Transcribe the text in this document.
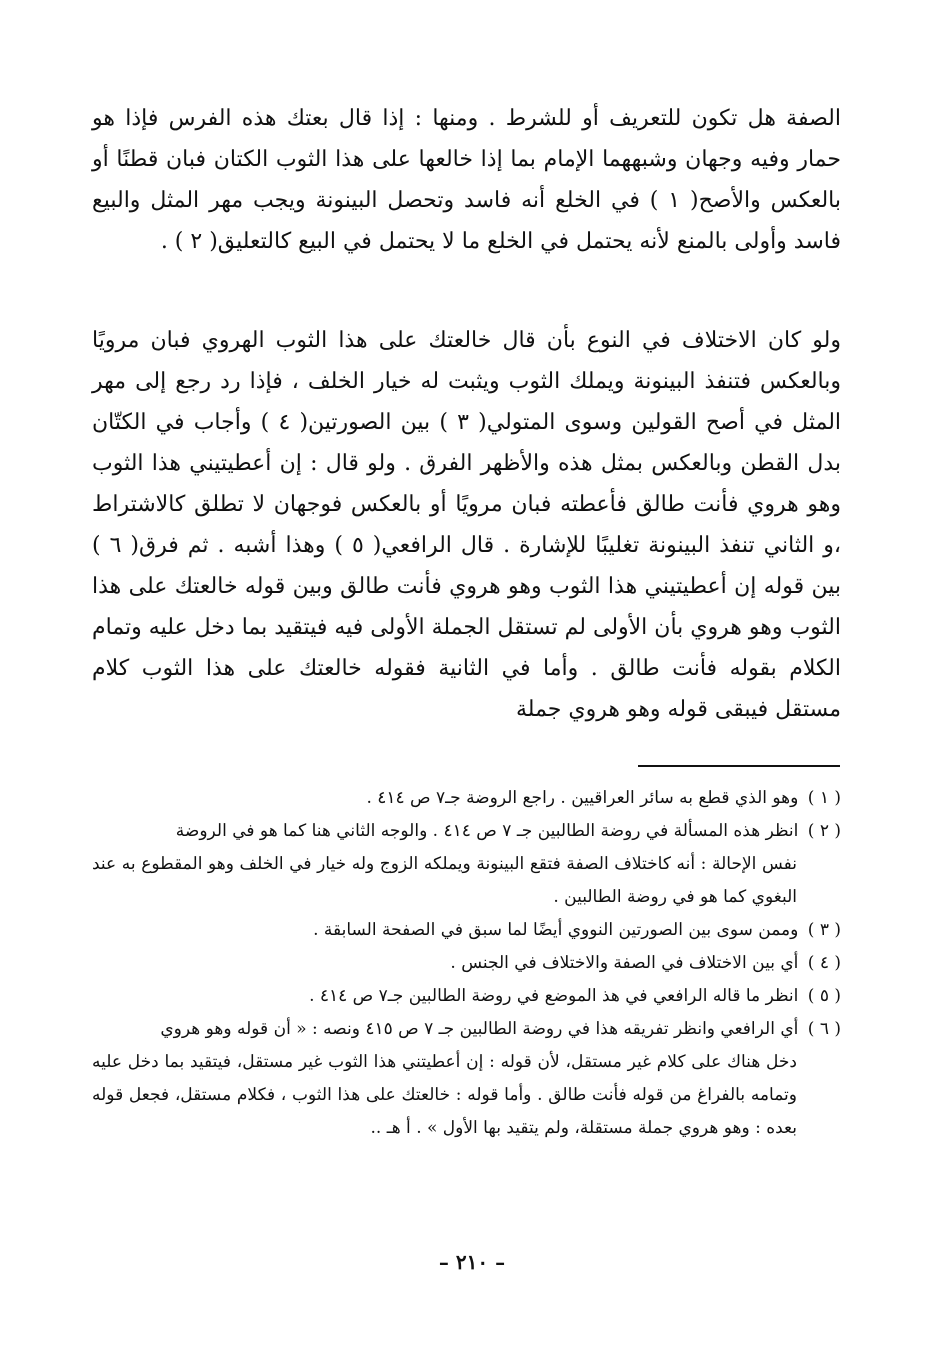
الصفة هل تكون للتعريف أو للشرط . ومنها : إذا قال بعتك هذه الفرس فإذا هو حمار وفيه وجهان وشبههما الإمام بما إذا خالعها على هذا الثوب الكتان فبان قطنًا أو بالعكس والأصح( ١ ) في الخلع أنه فاسد وتحصل البينونة ويجب مهر المثل والبيع فاسد وأولى بالمنع لأنه يحتمل في الخلع ما لا يحتمل في البيع كالتعليق( ٢ ) .

ولو كان الاختلاف في النوع بأن قال خالعتك على هذا الثوب الهروي فبان مرويًا وبالعكس فتنفذ البينونة ويملك الثوب ويثبت له خيار الخلف ، فإذا رد رجع إلى مهر المثل في أصح القولين وسوى المتولي( ٣ ) بين الصورتين( ٤ ) وأجاب في الكتّان بدل القطن وبالعكس بمثل هذه والأظهر الفرق . ولو قال : إن أعطيتيني هذا الثوب وهو هروي فأنت طالق فأعطته فبان مرويًا أو بالعكس فوجهان لا تطلق كالاشتراط ،و الثاني تنفذ البينونة تغليبًا للإشارة . قال الرافعي( ٥ ) وهذا أشبه . ثم فرق( ٦ ) بين قوله إن أعطيتيني هذا الثوب وهو هروي فأنت طالق وبين قوله خالعتك على هذا الثوب وهو هروي بأن الأولى لم تستقل الجملة الأولى فيه فيتقيد بما دخل عليه وتمام الكلام بقوله فأنت طالق . وأما في الثانية فقوله خالعتك على هذا الثوب كلام مستقل فيبقى قوله وهو هروي جملة

( ١ ) وهو الذي قطع به سائر العراقيين . راجع الروضة جـ٧ ص ٤١٤ .
( ٢ ) انظر هذه المسألة في روضة الطالبين جـ ٧ ص ٤١٤ . والوجه الثاني هنا كما هو في الروضة
نفس الإحالة : أنه كاختلاف الصفة فتقع البينونة ويملكه الزوج وله خيار في الخلف وهو المقطوع به عند البغوي كما هو في روضة الطالبين .
( ٣ ) وممن سوى بين الصورتين النووي أيضًا لما سبق في الصفحة السابقة .
( ٤ ) أي بين الاختلاف في الصفة والاختلاف في الجنس .
( ٥ ) انظر ما قاله الرافعي في هذ الموضع في روضة الطالبين جـ٧ ص ٤١٤ .
( ٦ ) أي الرافعي وانظر تفريقه هذا في روضة الطالبين جـ ٧ ص ٤١٥ ونصه : « أن قوله وهو هروي
دخل هناك على كلام غير مستقل، لأن قوله : إن أعطيتني هذا الثوب غير مستقل، فيتقيد بما دخل عليه وتمامه بالفراغ من قوله فأنت طالق . وأما قوله : خالعتك على هذا الثوب ، فكلام مستقل، فجعل قوله بعده : وهو هروي جملة مستقلة، ولم يتقيد بها الأول » . أ هـ ..
– ٢١٠ –
